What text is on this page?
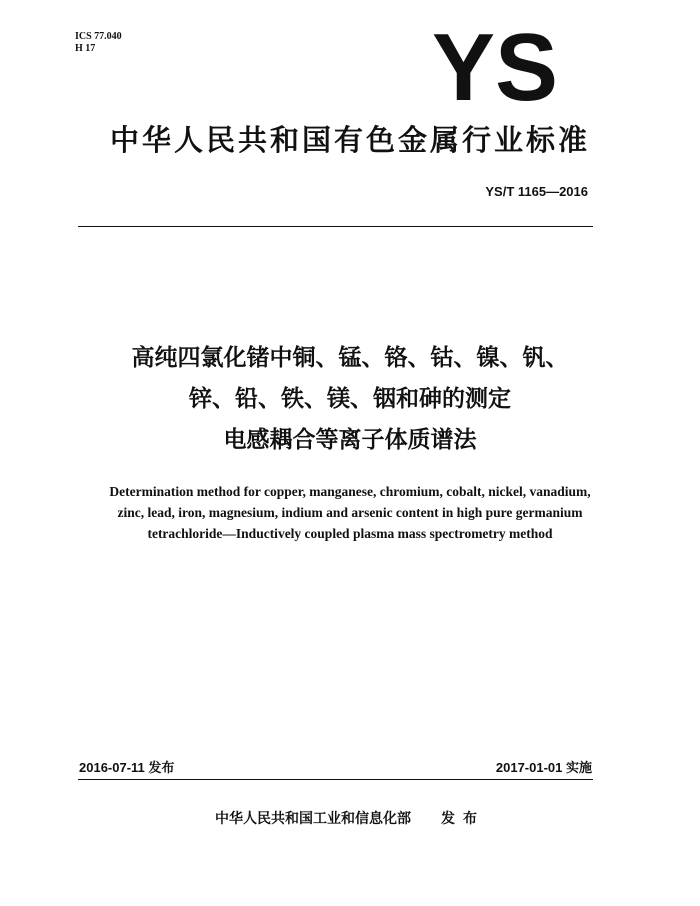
ICS 77.040
H 17	YS
中华人民共和国有色金属行业标准
YS/T 1165—2016
高纯四氯化锗中铜、锰、铬、钴、镍、钒、
锌、铅、铁、镁、铟和砷的测定
电感耦合等离子体质谱法
Determination method for copper, manganese, chromium, cobalt, nickel, vanadium,
zinc, lead, iron, magnesium, indium and arsenic content in high pure germanium
tetrachloride—Inductively coupled plasma mass spectrometry method
2016-07-11 发布	2017-01-01 实施
中华人民共和国工业和信息化部 发布
